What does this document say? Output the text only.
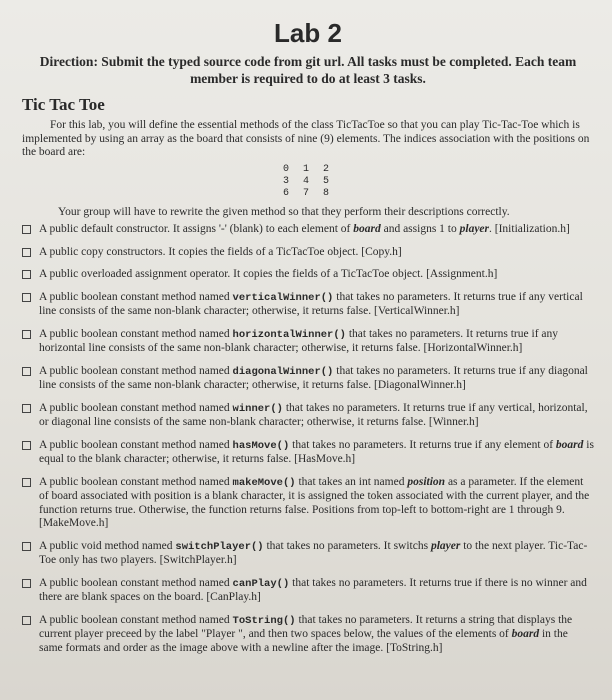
Lab 2

Direction: Submit the typed source code from git url. All tasks must be completed. Each team member is required to do at least 3 tasks.

Tic Tac Toe

For this lab, you will define the essential methods of the class TicTacToe so that you can play Tic-Tac-Toe which is implemented by using an array as the board that consists of nine (9) elements. The indices association with the positions on the board are:

0 1 2
3 4 5
6 7 8

Your group will have to rewrite the given method so that they perform their descriptions correctly.

A public default constructor. It assigns '-' (blank) to each element of board and assigns 1 to player. [Initialization.h]

A public copy constructors. It copies the fields of a TicTacToe object. [Copy.h]

A public overloaded assignment operator. It copies the fields of a TicTacToe object. [Assignment.h]

A public boolean constant method named verticalWinner() that takes no parameters. It returns true if any vertical line consists of the same non-blank character; otherwise, it returns false. [VerticalWinner.h]

A public boolean constant method named horizontalWinner() that takes no parameters. It returns true if any horizontal line consists of the same non-blank character; otherwise, it returns false. [HorizontalWinner.h]

A public boolean constant method named diagonalWinner() that takes no parameters. It returns true if any diagonal line consists of the same non-blank character; otherwise, it returns false. [DiagonalWinner.h]

A public boolean constant method named winner() that takes no parameters. It returns true if any vertical, horizontal, or diagonal line consists of the same non-blank character; otherwise, it returns false. [Winner.h]

A public boolean constant method named hasMove() that takes no parameters. It returns true if any element of board is equal to the blank character; otherwise, it returns false. [HasMove.h]

A public boolean constant method named makeMove() that takes an int named position as a parameter. If the element of board associated with position is a blank character, it is assigned the token associated with the current player, and the function returns true. Otherwise, the function returns false. Positions from top-left to bottom-right are 1 through 9. [MakeMove.h]

A public void method named switchPlayer() that takes no parameters. It switchs player to the next player. Tic-Tac-Toe only has two players. [SwitchPlayer.h]

A public boolean constant method named canPlay() that takes no parameters. It returns true if there is no winner and there are blank spaces on the board. [CanPlay.h]

A public boolean constant method named ToString() that takes no parameters. It returns a string that displays the current player preceed by the label "Player ", and then two spaces below, the values of the elements of board in the same formats and order as the image above with a newline after the image. [ToString.h]
